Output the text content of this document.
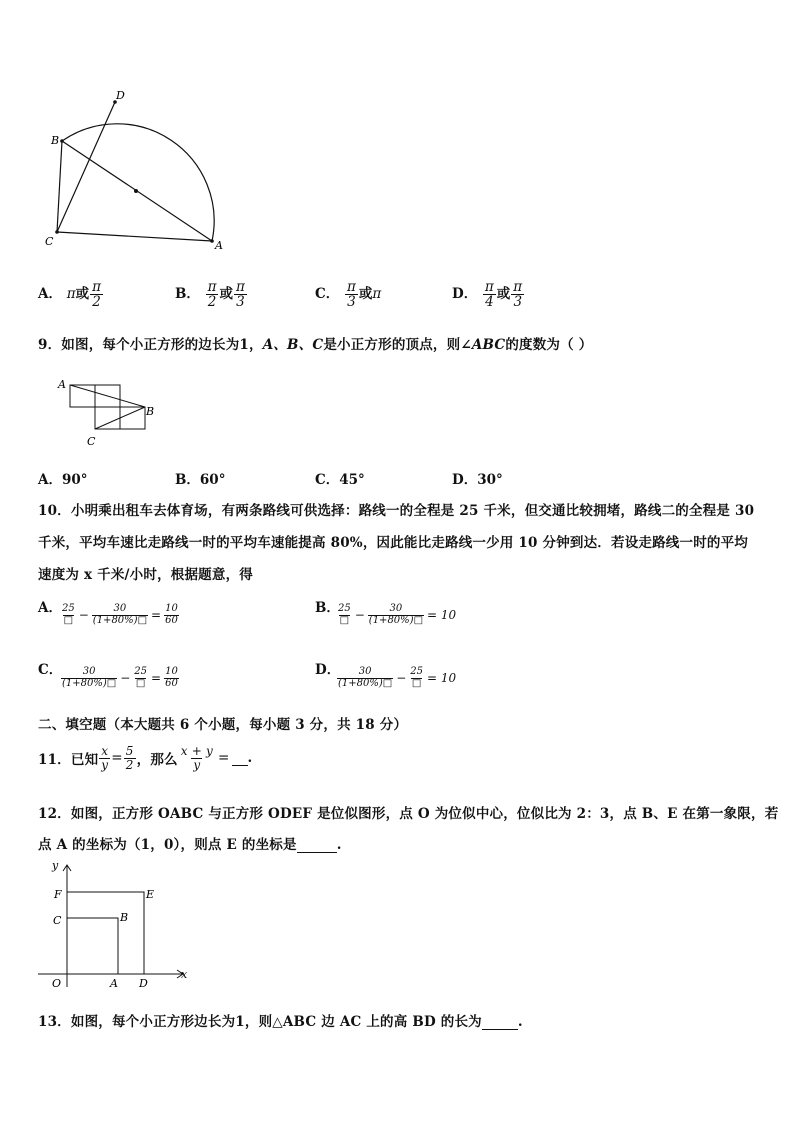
D
B
C	A
A． π或 $\frac{\pi}{2}$	B． $\frac{\pi}{2}$ 或 $\frac{\pi}{3}$	C． $\frac{\pi}{3}$ 或π	D． $\frac{\pi}{4}$ 或 $\frac{\pi}{3}$
9．如图，每个小正方形的边长为1，A、B、C是小正方形的顶点，则∠ABC的度数为（ ）
A
B
C
A．90°	B．60°	C．45°	D．30°
10．小明乘出租车去体育场，有两条路线可供选择：路线一的全程是 25 千米，但交通比较拥堵，路线二的全程是 30
千米，平均车速比走路线一时的平均车速能提高 80%，因此能比走路线一少用 10 分钟到达．若设走路线一时的平均
速度为 x 千米/小时，根据题意，得
A． $\frac{25}{□} - \frac{30}{(1+80\%)□} = \frac{10}{60}$	B．
$\frac{25}{□} - \frac{30}{(1+80\%)□} = 10$
C．
$\frac{30}{(1+80\%)□} - \frac{25}{□} = \frac{10}{60}$	D．
$\frac{30}{(1+80\%)□} - \frac{25}{□} = 10$
二、填空题（本大题共 6 个小题，每小题 3 分，共 18 分）
11．已知 $\frac{x}{y} = \frac{5}{2}$ ，那么 $\frac{x + y}{y}$ = .
12．如图，正方形 OABC 与正方形 ODEF 是位似图形，点 O 为位似中心，位似比为 2：3，点 B、E 在第一象限，若
点 A 的坐标为（1，0），则点 E 的坐标是	.
y
x
F	E
C	B
O	A D
13．如图，每个小正方形边长为1，则△ABC 边 AC 上的高 BD 的长为	.
